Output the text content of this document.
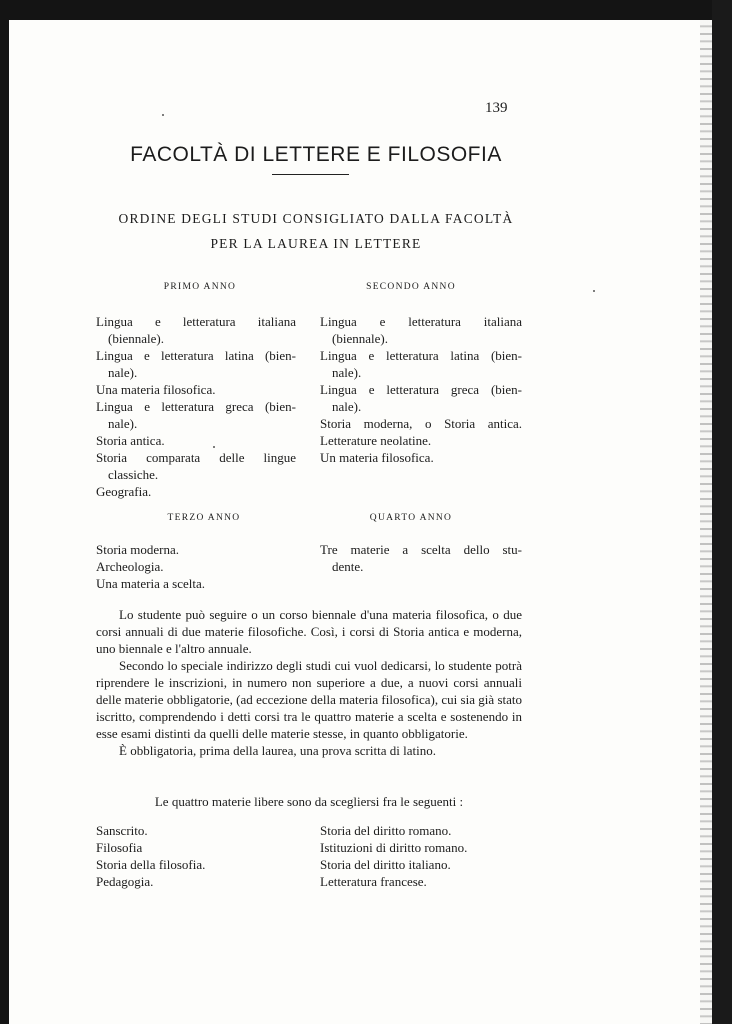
139
FACOLTÀ DI LETTERE E FILOSOFIA
ORDINE DEGLI STUDI CONSIGLIATO DALLA FACOLTÀ
PER LA LAUREA IN LETTERE
PRIMO ANNO
Lingua e letteratura italiana
(biennale).
Lingua e letteratura latina (bien-
nale).
Una materia filosofica.
Lingua e letteratura greca (bien-
nale).
Storia antica.
Storia comparata delle lingue
classiche.
Geografia.
SECONDO ANNO
Lingua e letteratura italiana
(biennale).
Lingua e letteratura latina (bien-
nale).
Lingua e letteratura greca (bien-
nale).
Storia moderna, o Storia antica.
Letterature neolatine.
Un materia filosofica.
TERZO ANNO
Storia moderna.
Archeologia.
Una materia a scelta.
QUARTO ANNO
Tre materie a scelta dello stu-
dente.

Lo studente può seguire o un corso biennale d'una materia filosofica, o due corsi annuali di due materie filosofiche. Così, i corsi di Storia antica e moderna, uno biennale e l'altro annuale.

Secondo lo speciale indirizzo degli studi cui vuol dedicarsi, lo studente potrà riprendere le inscrizioni, in numero non superiore a due, a nuovi corsi annuali delle materie obbligatorie, (ad eccezione della materia filosofica), cui sia già stato iscritto, comprendendo i detti corsi tra le quattro materie a scelta e sostenendo in esse esami distinti da quelli delle materie stesse, in quanto obbligatorie.

È obbligatoria, prima della laurea, una prova scritta di latino.

Le quattro materie libere sono da scegliersi fra le seguenti :
Sanscrito.
Filosofia
Storia della filosofia.
Pedagogia.
Storia del diritto romano.
Istituzioni di diritto romano.
Storia del diritto italiano.
Letteratura francese.
